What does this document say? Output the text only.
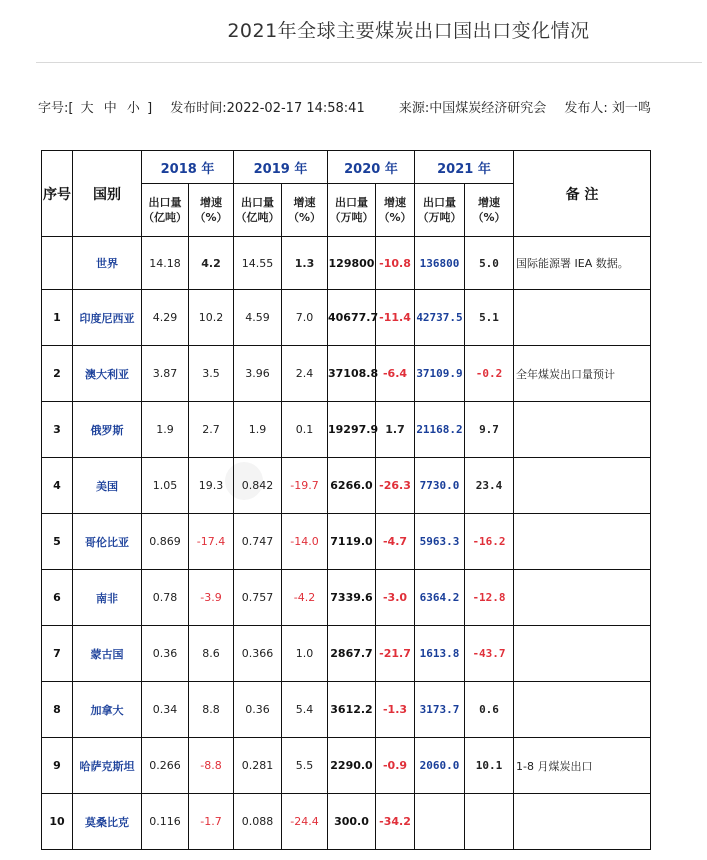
2021年全球主要煤炭出口国出口变化情况
字号:[ 大 中 小 ] 发布时间:2022-02-17 14:58:41	来源:中国煤炭经济研究会 发布人: 刘一鸣
序号	国别	2018 年		2019 年		2020 年		2021 年		备 注
		出口量（亿吨）	增速（%）	出口量（亿吨）	增速（%）	出口量（万吨）	增速（%）	出口量（万吨）	增速（%）	
	世界	14.18	4.2	14.55	1.3	129800	-10.8	136800	5.0	国际能源署 IEA 数据。
1	印度尼西亚	4.29	10.2	4.59	7.0	40677.7	-11.4	42737.5	5.1	
2	澳大利亚	3.87	3.5	3.96	2.4	37108.8	-6.4	37109.9	-0.2	全年煤炭出口量预计
3	俄罗斯	1.9	2.7	1.9	0.1	19297.9	1.7	21168.2	9.7	
4	美国	1.05	19.3	0.842	-19.7	6266.0	-26.3	7730.0	23.4	
5	哥伦比亚	0.869	-17.4	0.747	-14.0	7119.0	-4.7	5963.3	-16.2	
6	南非	0.78	-3.9	0.757	-4.2	7339.6	-3.0	6364.2	-12.8	
7	蒙古国	0.36	8.6	0.366	1.0	2867.7	-21.7	1613.8	-43.7	
8	加拿大	0.34	8.8	0.36	5.4	3612.2	-1.3	3173.7	0.6	
9	哈萨克斯坦	0.266	-8.8	0.281	5.5	2290.0	-0.9	2060.0	10.1	1-8 月煤炭出口
10	莫桑比克	0.116	-1.7	0.088	-24.4	300.0	-34.2			
